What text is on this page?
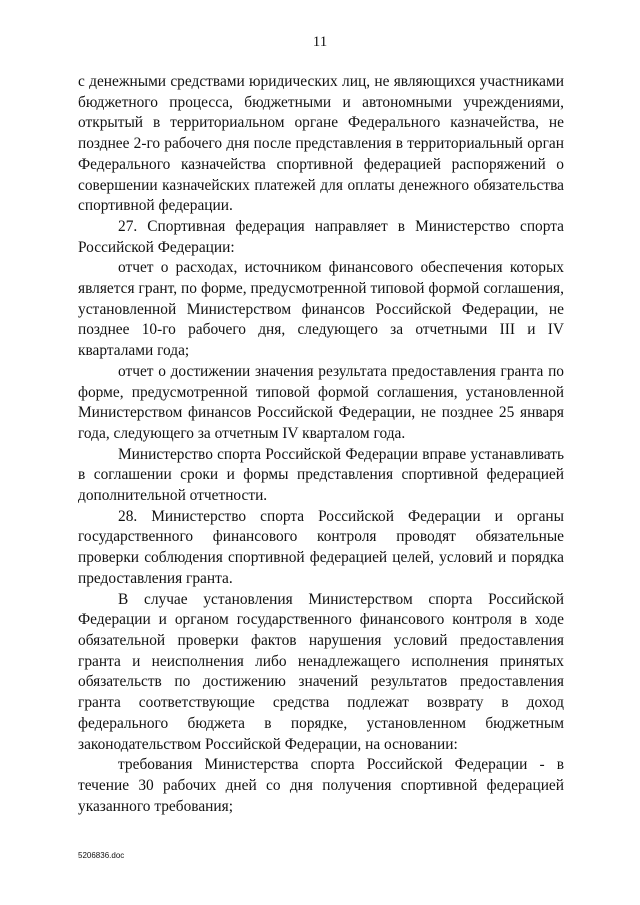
11

с денежными средствами юридических лиц, не являющихся участниками бюджетного процесса, бюджетными и автономными учреждениями, открытый в территориальном органе Федерального казначейства, не позднее 2-го рабочего дня после представления в территориальный орган Федерального казначейства спортивной федерацией распоряжений о совершении казначейских платежей для оплаты денежного обязательства спортивной федерации.

27. Спортивная федерация направляет в Министерство спорта Российской Федерации:

отчет о расходах, источником финансового обеспечения которых является грант, по форме, предусмотренной типовой формой соглашения, установленной Министерством финансов Российской Федерации, не позднее 10-го рабочего дня, следующего за отчетными III и IV кварталами года;

отчет о достижении значения результата предоставления гранта по форме, предусмотренной типовой формой соглашения, установленной Министерством финансов Российской Федерации, не позднее 25 января года, следующего за отчетным IV кварталом года.

Министерство спорта Российской Федерации вправе устанавливать в соглашении сроки и формы представления спортивной федерацией дополнительной отчетности.

28. Министерство спорта Российской Федерации и органы государственного финансового контроля проводят обязательные проверки соблюдения спортивной федерацией целей, условий и порядка предоставления гранта.

В случае установления Министерством спорта Российской Федерации и органом государственного финансового контроля в ходе обязательной проверки фактов нарушения условий предоставления гранта и неисполнения либо ненадлежащего исполнения принятых обязательств по достижению значений результатов предоставления гранта соответствующие средства подлежат возврату в доход федерального бюджета в порядке, установленном бюджетным законодательством Российской Федерации, на основании:

требования Министерства спорта Российской Федерации - в течение 30 рабочих дней со дня получения спортивной федерацией указанного требования;

5206836.doc
